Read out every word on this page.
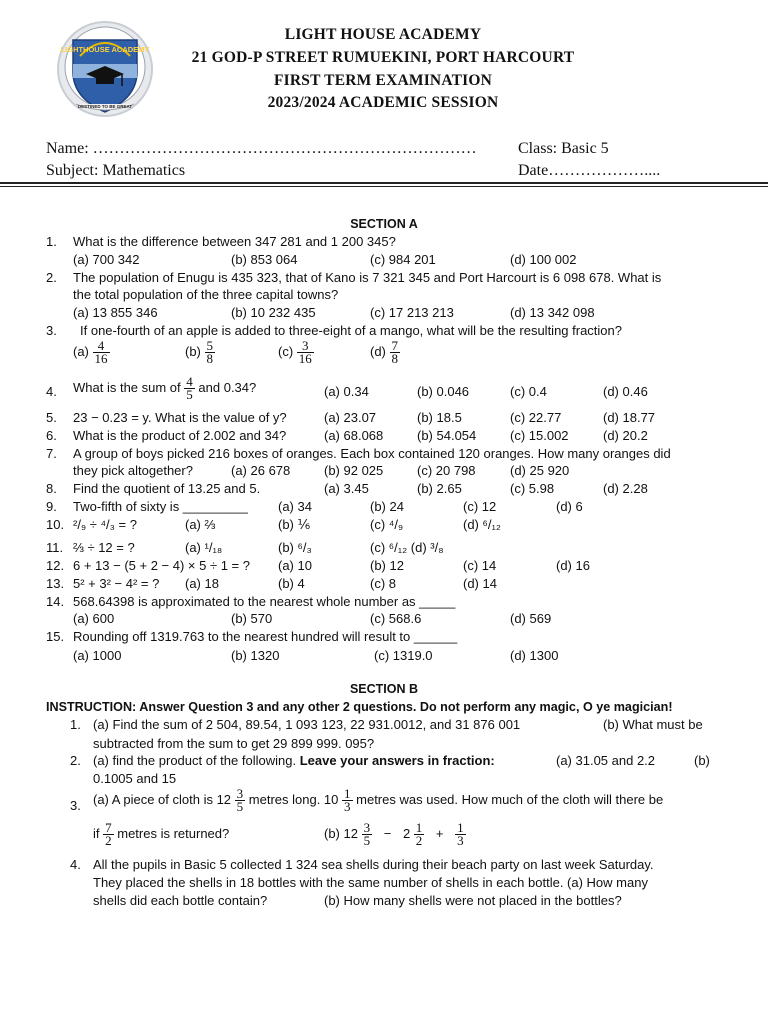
LIGHTHOUSE ACADEMY
DESTINED TO BE GREAT
LIGHT HOUSE ACADEMY
21 GOD-P STREET RUMUEKINI, PORT HARCOURT
FIRST TERM EXAMINATION
2023/2024 ACADEMIC SESSION
Name: ………………………………………………………………	Class: Basic 5
Subject: Mathematics	Date………………....
SECTION A
1. What is the difference between 347 281 and 1 200 345?
(a) 700 342	(b) 853 064	(c) 984 201	(d) 100 002
2. The population of Enugu is 435 323, that of Kano is 7 321 345 and Port Harcourt is 6 098 678. What is
the total population of the three capital towns?
(a) 13 855 346	(b) 10 232 435	(c) 17 213 213	(d) 13 342 098
3. If one-fourth of an apple is added to three-eight of a mango, what will be the resulting fraction?
$(a) \frac{4}{16}$	$(b) \frac{5}{8}$	$(c) \frac{3}{16}$	$(d) \frac{7}{8}$
4. What is the sum of $\frac{4}{5}$ and 0.34?	(a) 0.34	(b) 0.046	(c) 0.4	(d) 0.46
5. 23 − 0.23 = y. What is the value of y?	(a) 23.07	(b) 18.5	(c) 22.77	(d) 18.77
6. What is the product of 2.002 and 34?	(a) 68.068	(b) 54.054	(c) 15.002	(d) 20.2
7. A group of boys picked 216 boxes of oranges. Each box contained 120 oranges. How many oranges did
they pick altogether?	(a) 26 678	(b) 92 025	(c) 20 798	(d) 25 920
8. Find the quotient of 13.25 and 5.	(a) 3.45	(b) 2.65	(c) 5.98	(d) 2.28
9. Two-fifth of sixty is _________ (a) 34	(b) 24	(c) 12	(d) 6
10. ²/₉ ÷ ⁴/₃ = ?	(a) ⅔	(b) ⅙	(c) ⁴/₉	(d) ⁶/₁₂
11. ⅔ ÷ 12 = ?	(a) ¹/₁₈	(b) ⁶/₃	(c) ⁶/₁₂ (d) ³/₈
12. 6 + 13 − (5 + 2 − 4) × 5 ÷ 1 = ? (a) 10	(b) 12	(c) 14	(d) 16
13. 5² + 3² − 4² = ? (a) 18	(b) 4	(c) 8	(d) 14
14. 568.64398 is approximated to the nearest whole number as _____
(a) 600	(b) 570	(c) 568.6	(d) 569
15. Rounding off 1319.763 to the nearest hundred will result to ______
(a) 1000	(b) 1320	(c) 1319.0	(d) 1300
SECTION B
INSTRUCTION: Answer Question 3 and any other 2 questions. Do not perform any magic, O ye magician!
1. (a) Find the sum of 2 504, 89.54, 1 093 123, 22 931.0012, and 31 876 001	(b) What must be
subtracted from the sum to get 29 899 999. 095?
2. (a) find the product of the following. Leave your answers in fraction:	(a) 31.05 and 2.2	(b)
0.1005 and 15
3. (a) A piece of cloth is $12 \frac{3}{5}$ metres long. $10 \frac{1}{3}$ metres was used. How much of the cloth will there be
if $\frac{7}{2}$ metres is returned?	(b) $12 \frac{3}{5} - 2 \frac{1}{2} + \frac{1}{3}$
4. All the pupils in Basic 5 collected 1 324 sea shells during their beach party on last week Saturday.
They placed the shells in 18 bottles with the same number of shells in each bottle. (a) How many
shells did each bottle contain?	(b) How many shells were not placed in the bottles?
